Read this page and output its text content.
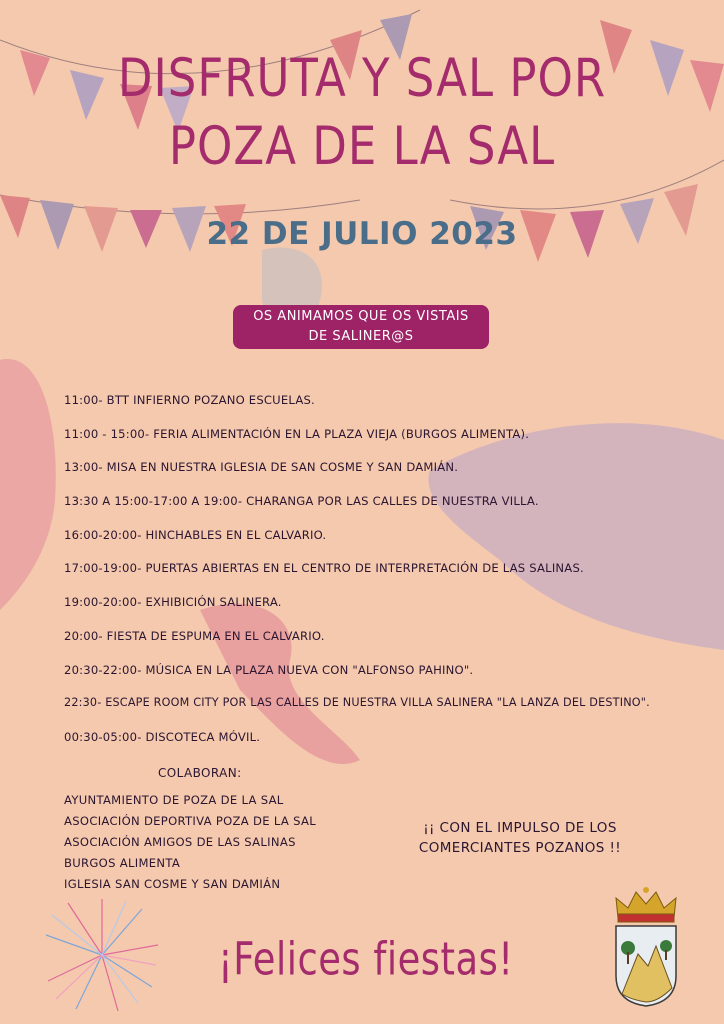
DISFRUTA Y SAL POR
POZA DE LA SAL
22 DE JULIO 2023
OS ANIMAMOS QUE OS VISTAIS
DE SALINER@S
11:00- BTT INFIERNO POZANO ESCUELAS.
11:00 - 15:00- FERIA ALIMENTACIÓN EN LA PLAZA VIEJA (BURGOS ALIMENTA).
13:00- MISA EN NUESTRA IGLESIA DE SAN COSME Y SAN DAMIÁN.
13:30 A 15:00-17:00 A 19:00- CHARANGA POR LAS CALLES DE NUESTRA VILLA.
16:00-20:00- HINCHABLES EN EL CALVARIO.
17:00-19:00- PUERTAS ABIERTAS EN EL CENTRO DE INTERPRETACIÓN DE LAS SALINAS.
19:00-20:00- EXHIBICIÓN SALINERA.
20:00- FIESTA DE ESPUMA EN EL CALVARIO.
20:30-22:00- MÚSICA EN LA PLAZA NUEVA CON "ALFONSO PAHINO".
22:30- ESCAPE ROOM CITY POR LAS CALLES DE NUESTRA VILLA SALINERA "LA LANZA DEL DESTINO".
00:30-05:00- DISCOTECA MÓVIL.
COLABORAN:
AYUNTAMIENTO DE POZA DE LA SAL
ASOCIACIÓN DEPORTIVA POZA DE LA SAL
ASOCIACIÓN AMIGOS DE LAS SALINAS
BURGOS ALIMENTA
IGLESIA SAN COSME Y SAN DAMIÁN
¡¡ CON EL IMPULSO DE LOS
COMERCIANTES POZANOS !!
¡Felices fiestas!
